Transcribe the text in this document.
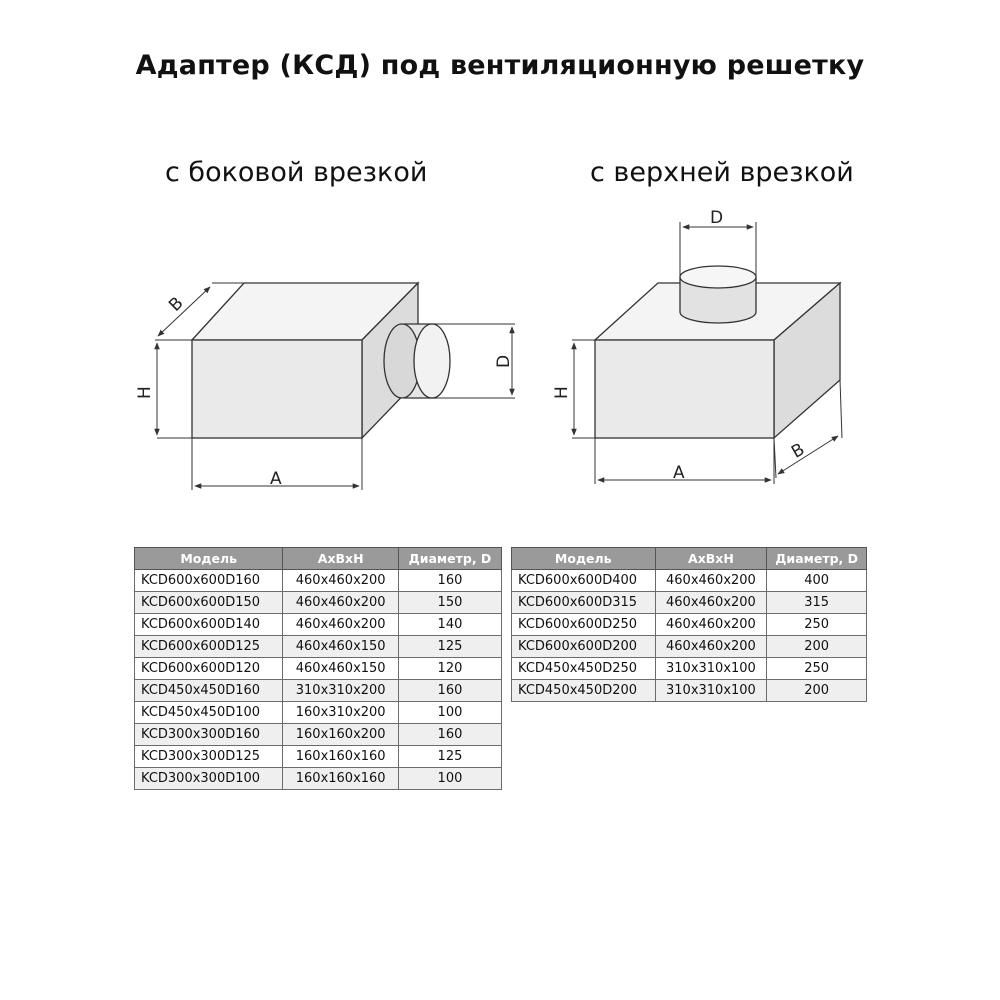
Адаптер (КСД) под вентиляционную решетку
с боковой врезкой	с верхней врезкой
H
A
B
D
D
H
A
B
Модель	АхВхН	Диаметр, D
KCD600x600D160	460x460x200	160
KCD600x600D150	460x460x200	150
KCD600x600D140	460x460x200	140
KCD600x600D125	460x460x150	125
KCD600x600D120	460x460x150	120
KCD450x450D160	310x310x200	160
KCD450x450D100	160x310x200	100
KCD300x300D160	160x160x200	160
KCD300x300D125	160x160x160	125
KCD300x300D100	160x160x160	100
Модель	АхВхН	Диаметр, D
KCD600x600D400	460x460x200	400
KCD600x600D315	460x460x200	315
KCD600x600D250	460x460x200	250
KCD600x600D200	460x460x200	200
KCD450x450D250	310x310x100	250
KCD450x450D200	310x310x100	200
